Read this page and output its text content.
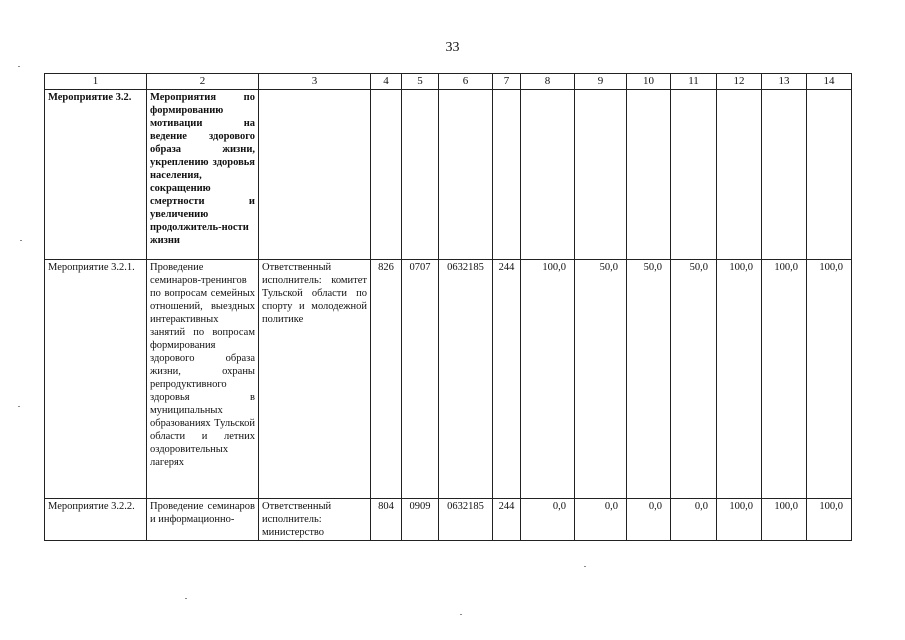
33
1	2	3	4	5	6	7	8	9	10	11	12	13	14
Мероприятие 3.2.	Мероприятия по формированию мотивации на ведение здорового образа жизни, укреплению здоровья населения, сокращению смертности и увеличению продолжитель-ности жизни												
Мероприятие 3.2.1.	Проведение семинаров-тренингов по вопросам семейных отношений, выездных интерактивных занятий по вопросам формирования здорового образа жизни, охраны репродуктивного здоровья в муниципальных образованиях Тульской области и летних оздоровительных лагерях	Ответственный исполнитель: комитет Тульской области по спорту и молодежной политике	826	0707	0632185	244	100,0	50,0	50,0	50,0	100,0	100,0	100,0
Мероприятие 3.2.2.	Проведение семинаров и информационно-	Ответственный исполнитель: министерство	804	0909	0632185	244	0,0	0,0	0,0	0,0	100,0	100,0	100,0
